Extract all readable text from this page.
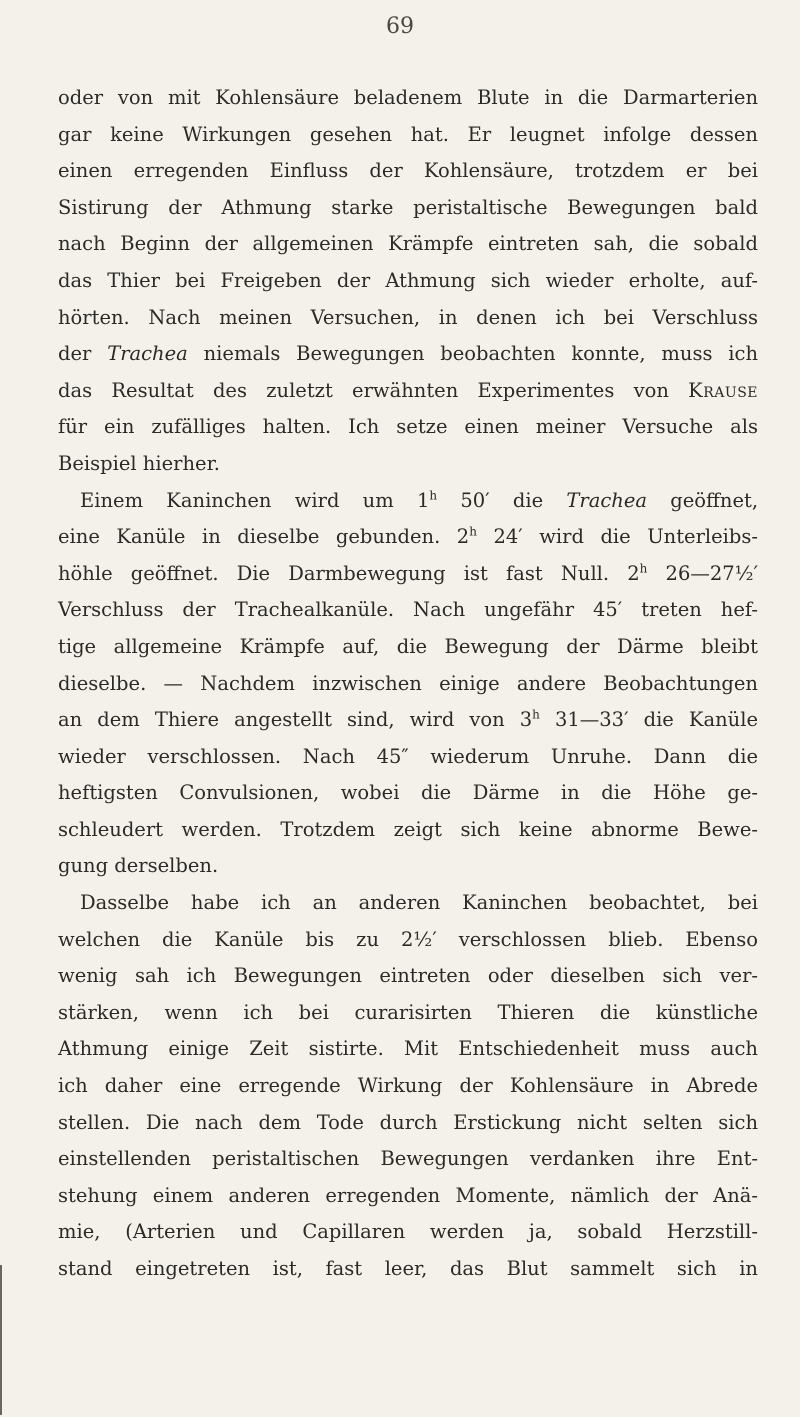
69
oder von mit Kohlensäure beladenem Blute in die Darmarterien
gar keine Wirkungen gesehen hat. Er leugnet infolge dessen
einen erregenden Einfluss der Kohlensäure, trotzdem er bei
Sistirung der Athmung starke peristaltische Bewegungen bald
nach Beginn der allgemeinen Krämpfe eintreten sah, die sobald
das Thier bei Freigeben der Athmung sich wieder erholte, auf-
hörten. Nach meinen Versuchen, in denen ich bei Verschluss
der Trachea niemals Bewegungen beobachten konnte, muss ich
das Resultat des zuletzt erwähnten Experimentes von Krause
für ein zufälliges halten. Ich setze einen meiner Versuche als
Beispiel hierher.
Einem Kaninchen wird um 1$^h$ 50′ die Trachea geöffnet,
eine Kanüle in dieselbe gebunden. 2$^h$ 24′ wird die Unterleibs-
höhle geöffnet. Die Darmbewegung ist fast Null. 2$^h$ 26—27½′
Verschluss der Trachealkanüle. Nach ungefähr 45′ treten hef-
tige allgemeine Krämpfe auf, die Bewegung der Därme bleibt
dieselbe. — Nachdem inzwischen einige andere Beobachtungen
an dem Thiere angestellt sind, wird von 3$^h$ 31—33′ die Kanüle
wieder verschlossen. Nach 45″ wiederum Unruhe. Dann die
heftigsten Convulsionen, wobei die Därme in die Höhe ge-
schleudert werden. Trotzdem zeigt sich keine abnorme Bewe-
gung derselben.
Dasselbe habe ich an anderen Kaninchen beobachtet, bei
welchen die Kanüle bis zu 2½′ verschlossen blieb. Ebenso
wenig sah ich Bewegungen eintreten oder dieselben sich ver-
stärken, wenn ich bei curarisirten Thieren die künstliche
Athmung einige Zeit sistirte. Mit Entschiedenheit muss auch
ich daher eine erregende Wirkung der Kohlensäure in Abrede
stellen. Die nach dem Tode durch Erstickung nicht selten sich
einstellenden peristaltischen Bewegungen verdanken ihre Ent-
stehung einem anderen erregenden Momente, nämlich der Anä-
mie, (Arterien und Capillaren werden ja, sobald Herzstill-
stand eingetreten ist, fast leer, das Blut sammelt sich in
